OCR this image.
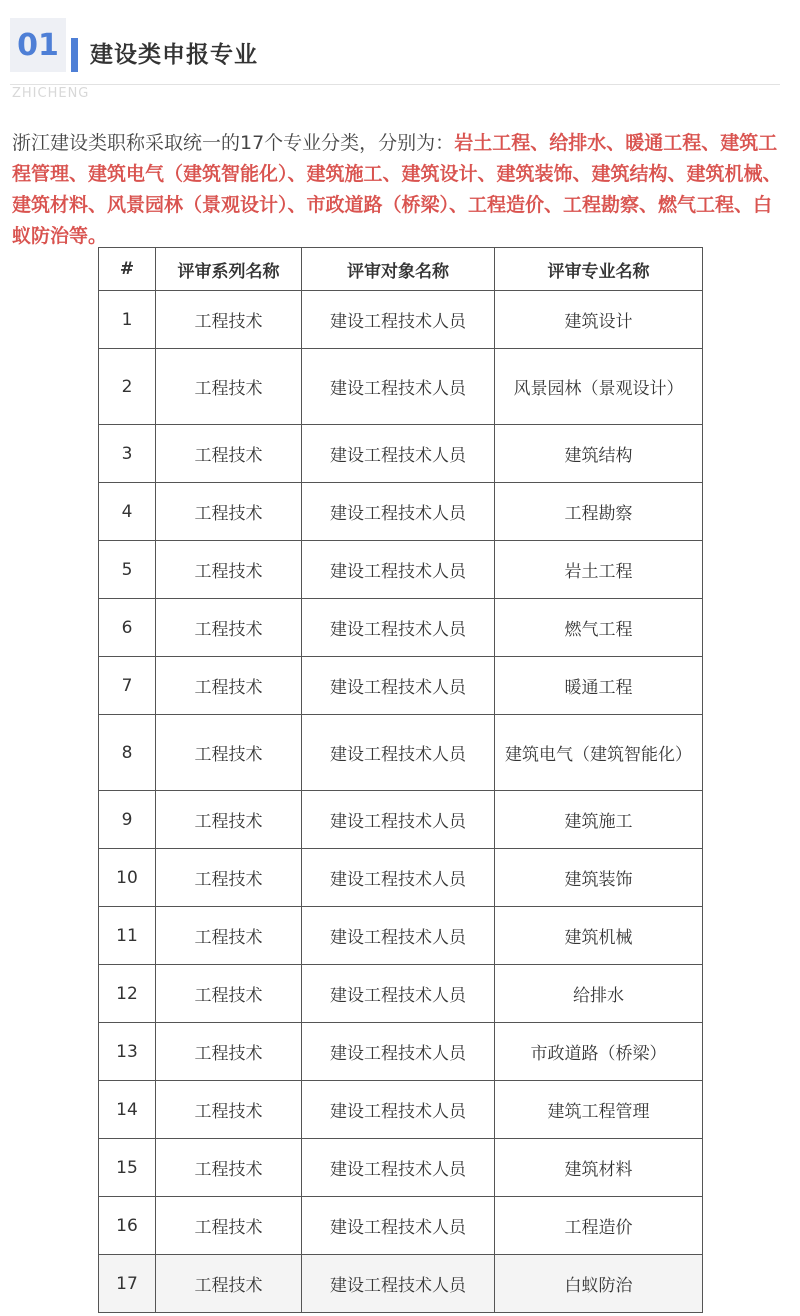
01	建设类申报专业
ZHICHENG

浙江建设类职称采取统一的17个专业分类，分别为：岩土工程、给排水、暖通工程、建筑工程管理、建筑电气（建筑智能化）、建筑施工、建筑设计、建筑装饰、建筑结构、建筑机械、建筑材料、风景园林（景观设计）、市政道路（桥梁）、工程造价、工程勘察、燃气工程、白蚁防治等。

#	评审系列名称	评审对象名称	评审专业名称
1	工程技术	建设工程技术人员	建筑设计
2	工程技术	建设工程技术人员	风景园林（景观设计）
3	工程技术	建设工程技术人员	建筑结构
4	工程技术	建设工程技术人员	工程勘察
5	工程技术	建设工程技术人员	岩土工程
6	工程技术	建设工程技术人员	燃气工程
7	工程技术	建设工程技术人员	暖通工程
8	工程技术	建设工程技术人员	建筑电气（建筑智能化）
9	工程技术	建设工程技术人员	建筑施工
10	工程技术	建设工程技术人员	建筑装饰
11	工程技术	建设工程技术人员	建筑机械
12	工程技术	建设工程技术人员	给排水
13	工程技术	建设工程技术人员	市政道路（桥梁）
14	工程技术	建设工程技术人员	建筑工程管理
15	工程技术	建设工程技术人员	建筑材料
16	工程技术	建设工程技术人员	工程造价
17	工程技术	建设工程技术人员	白蚁防治
